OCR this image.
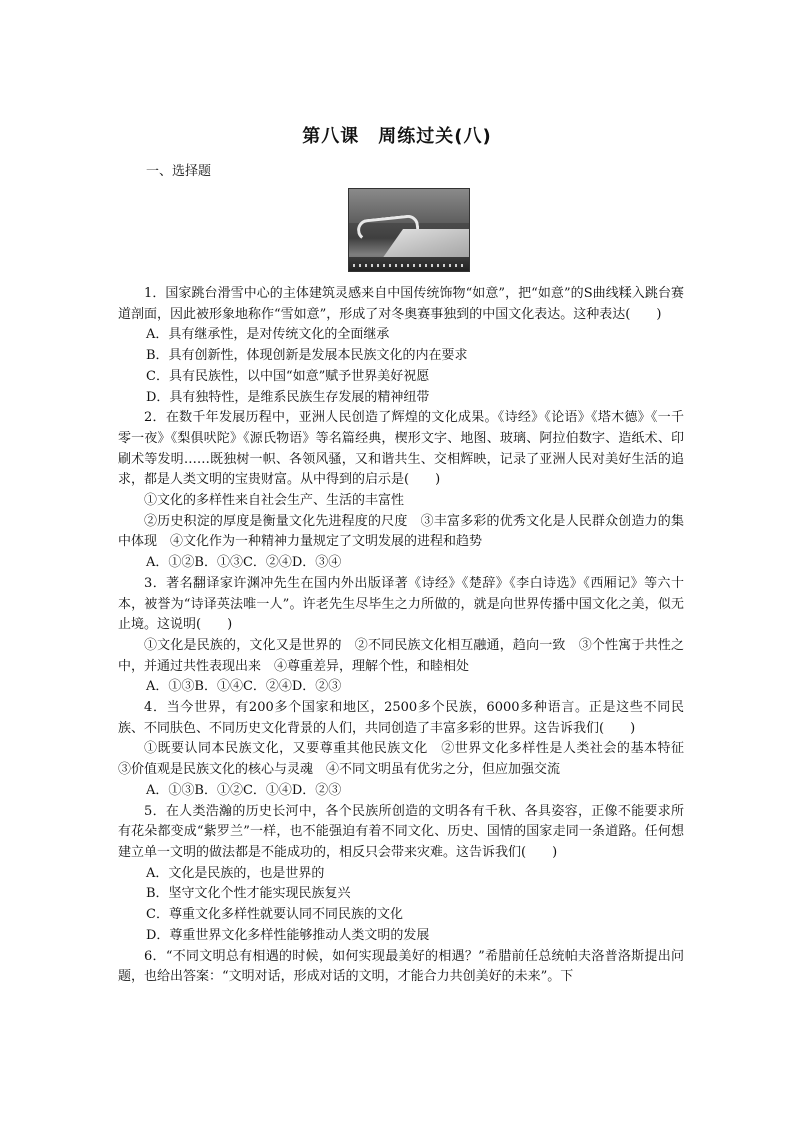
第八课　周练过关(八)
一、选择题

1．国家跳台滑雪中心的主体建筑灵感来自中国传统饰物“如意”，把“如意”的S曲线糅入跳台赛道剖面，因此被形象地称作“雪如意”，形成了对冬奥赛事独到的中国文化表达。这种表达(　　)

A．具有继承性，是对传统文化的全面继承

B．具有创新性，体现创新是发展本民族文化的内在要求

C．具有民族性，以中国“如意”赋予世界美好祝愿

D．具有独特性，是维系民族生存发展的精神纽带

2．在数千年发展历程中，亚洲人民创造了辉煌的文化成果。《诗经》《论语》《塔木德》《一千零一夜》《梨俱吠陀》《源氏物语》等名篇经典，楔形文字、地图、玻璃、阿拉伯数字、造纸术、印刷术等发明……既独树一帜、各领风骚，又和谐共生、交相辉映，记录了亚洲人民对美好生活的追求，都是人类文明的宝贵财富。从中得到的启示是(　　)

①文化的多样性来自社会生产、生活的丰富性

②历史积淀的厚度是衡量文化先进程度的尺度　③丰富多彩的优秀文化是人民群众创造力的集中体现　④文化作为一种精神力量规定了文明发展的进程和趋势

A．①②B．①③C．②④D．③④

3．著名翻译家许渊冲先生在国内外出版译著《诗经》《楚辞》《李白诗选》《西厢记》等六十本，被誉为“诗译英法唯一人”。许老先生尽毕生之力所做的，就是向世界传播中国文化之美，似无止境。这说明(　　)

①文化是民族的，文化又是世界的　②不同民族文化相互融通，趋向一致　③个性寓于共性之中，并通过共性表现出来　④尊重差异，理解个性，和睦相处

A．①③B．①④C．②④D．②③

4．当今世界，有200多个国家和地区，2500多个民族，6000多种语言。正是这些不同民族、不同肤色、不同历史文化背景的人们，共同创造了丰富多彩的世界。这告诉我们(　　)

①既要认同本民族文化，又要尊重其他民族文化　②世界文化多样性是人类社会的基本特征　③价值观是民族文化的核心与灵魂　④不同文明虽有优劣之分，但应加强交流

A．①③B．①②C．①④D．②③

5．在人类浩瀚的历史长河中，各个民族所创造的文明各有千秋、各具姿容，正像不能要求所有花朵都变成“紫罗兰”一样，也不能强迫有着不同文化、历史、国情的国家走同一条道路。任何想建立单一文明的做法都是不能成功的，相反只会带来灾难。这告诉我们(　　)

A．文化是民族的，也是世界的

B．坚守文化个性才能实现民族复兴

C．尊重文化多样性就要认同不同民族的文化

D．尊重世界文化多样性能够推动人类文明的发展

6．“不同文明总有相遇的时候，如何实现最美好的相遇？”希腊前任总统帕夫洛普洛斯提出问题，也给出答案：“文明对话，形成对话的文明，才能合力共创美好的未来”。下
